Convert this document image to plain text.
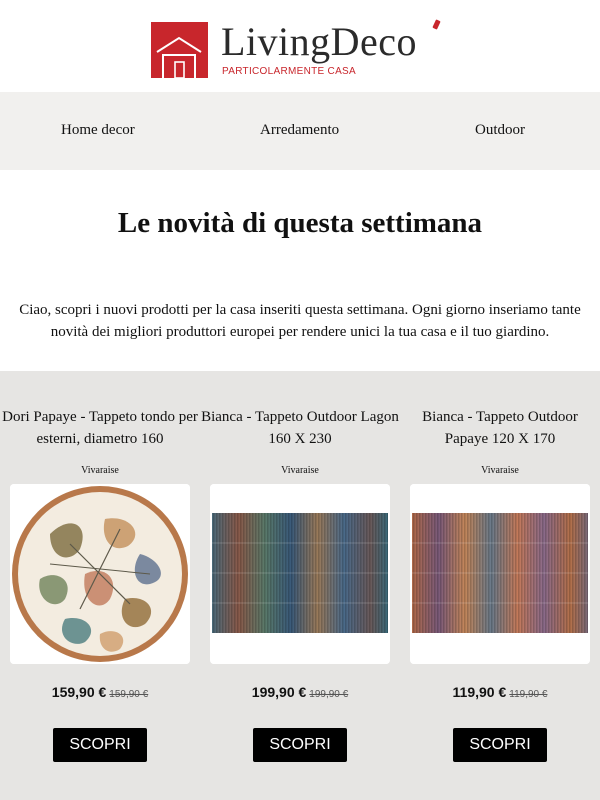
LivingDeco
PARTICOLARMENTE CASA
Home decor	Arredamento	Outdoor
Le novità di questa settimana
Ciao, scopri i nuovi prodotti per la casa inseriti questa settimana. Ogni giorno inseriamo tante novità dei migliori produttori europei per rendere unici la tua casa e il tuo giardino.
Dori Papaye - Tappeto tondo per esterni, diametro 160
Vivaraise
159,90 € 159,90 €
SCOPRI
Bianca - Tappeto Outdoor Lagon 160 X 230
Vivaraise
199,90 € 199,90 €
SCOPRI
Bianca - Tappeto Outdoor Papaye 120 X 170
Vivaraise
119,90 € 119,90 €
SCOPRI
